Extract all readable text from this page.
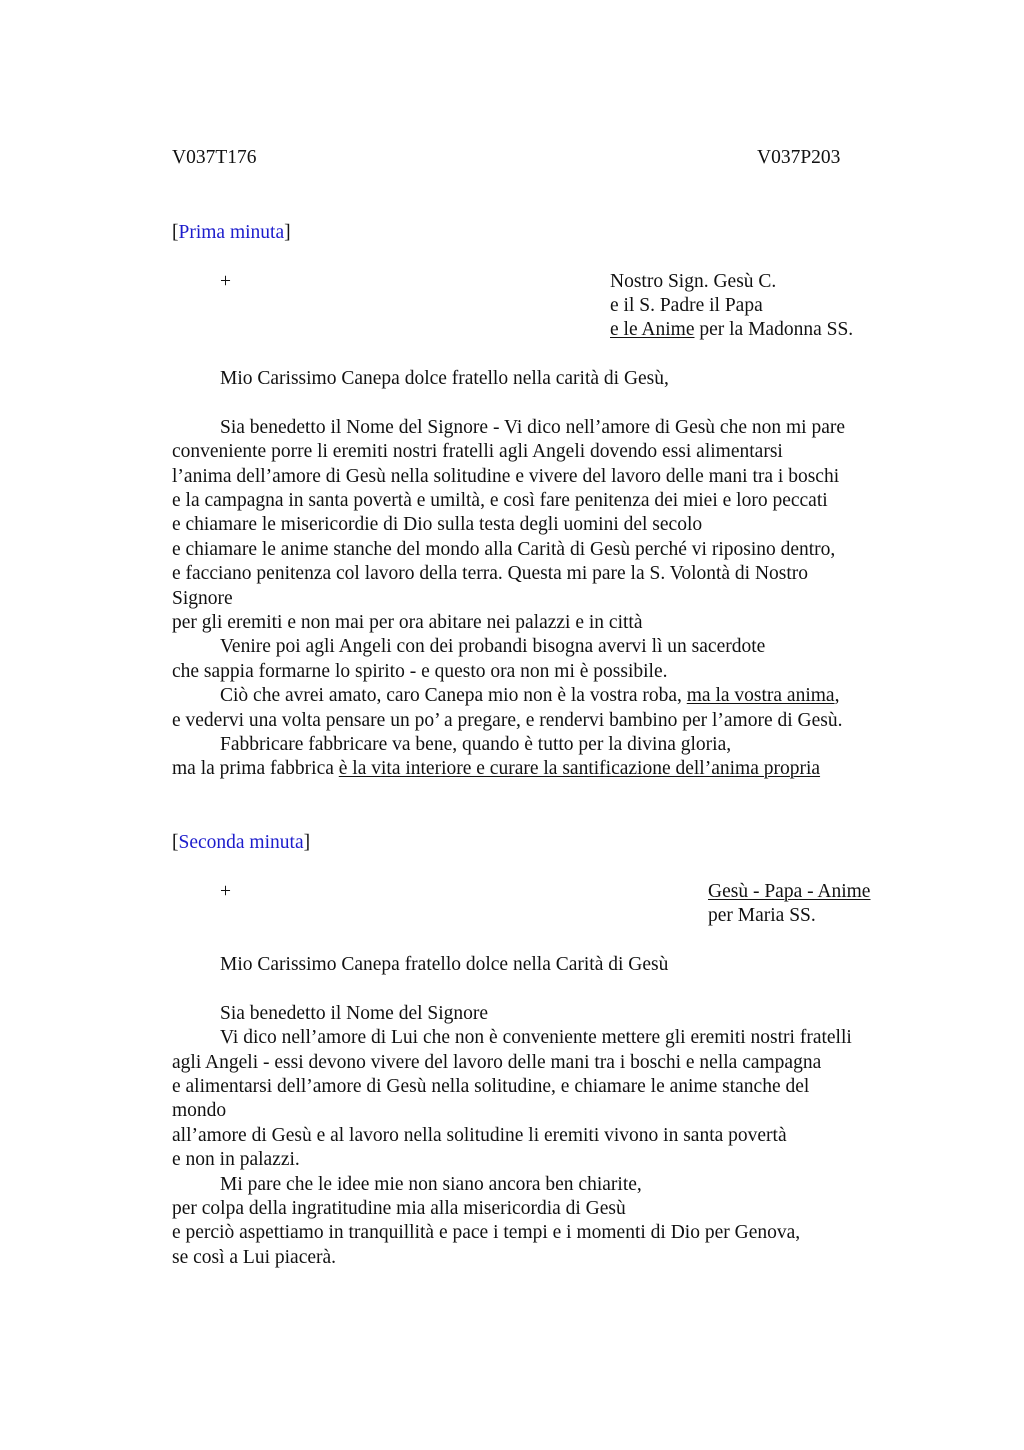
V037T176	V037P203
[Prima minuta]
+	Nostro Sign. Gesù C.
e il S. Padre il Papa
e le Anime per la Madonna SS.
Mio Carissimo Canepa dolce fratello nella carità di Gesù,
Sia benedetto il Nome del Signore - Vi dico nell’amore di Gesù che non mi pare
conveniente porre li eremiti nostri fratelli agli Angeli dovendo essi alimentarsi
l’anima dell’amore di Gesù nella solitudine e vivere del lavoro delle mani tra i boschi
e la campagna in santa povertà e umiltà, e così fare penitenza dei miei e loro peccati
e chiamare le misericordie di Dio sulla testa degli uomini del secolo
e chiamare le anime stanche del mondo alla Carità di Gesù perché vi riposino dentro,
e facciano penitenza col lavoro della terra. Questa mi pare la S. Volontà di Nostro
Signore
per gli eremiti e non mai per ora abitare nei palazzi e in città
Venire poi agli Angeli con dei probandi bisogna avervi lì un sacerdote
che sappia formarne lo spirito - e questo ora non mi è possibile.
Ciò che avrei amato, caro Canepa mio non è la vostra roba, ma la vostra anima,
e vedervi una volta pensare un po’ a pregare, e rendervi bambino per l’amore di Gesù.
Fabbricare fabbricare va bene, quando è tutto per la divina gloria,
ma la prima fabbrica è la vita interiore e curare la santificazione dell’anima propria
[Seconda minuta]
+	Gesù - Papa - Anime
per Maria SS.
Mio Carissimo Canepa fratello dolce nella Carità di Gesù
Sia benedetto il Nome del Signore
Vi dico nell’amore di Lui che non è conveniente mettere gli eremiti nostri fratelli
agli Angeli - essi devono vivere del lavoro delle mani tra i boschi e nella campagna
e alimentarsi dell’amore di Gesù nella solitudine, e chiamare le anime stanche del
mondo
all’amore di Gesù e al lavoro nella solitudine li eremiti vivono in santa povertà
e non in palazzi.
Mi pare che le idee mie non siano ancora ben chiarite,
per colpa della ingratitudine mia alla misericordia di Gesù
e perciò aspettiamo in tranquillità e pace i tempi e i momenti di Dio per Genova,
se così a Lui piacerà.
